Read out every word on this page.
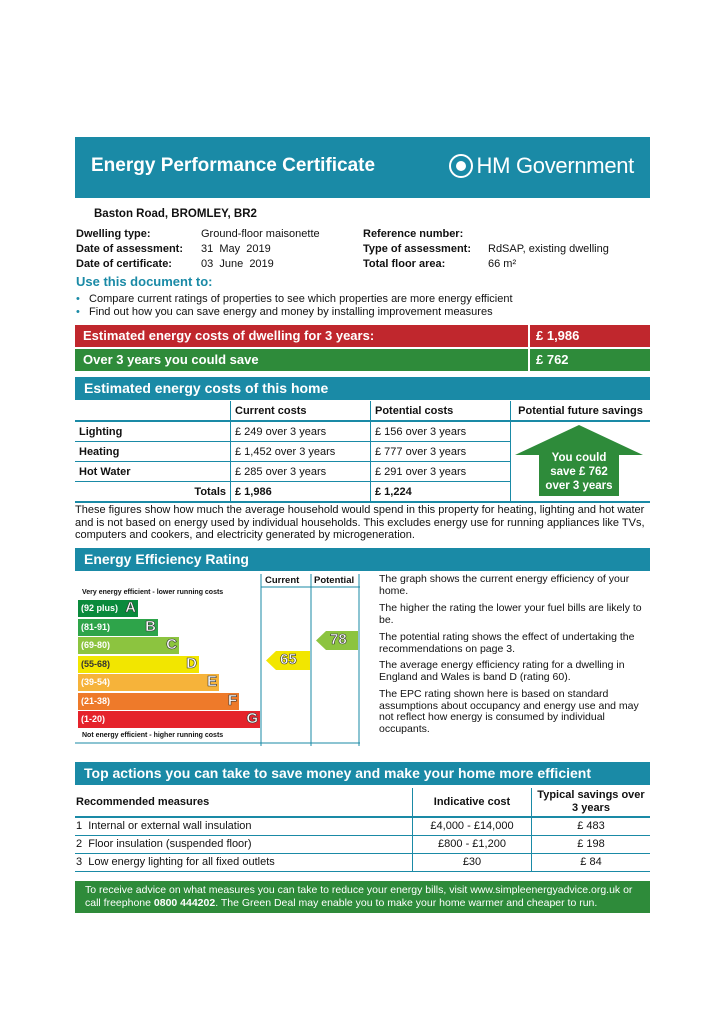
Energy Performance Certificate	HM Government
Baston Road, BROMLEY, BR2
Dwelling type:	Ground-floor maisonette
Date of assessment: 31  May  2019
Date of certificate:	03  June  2019
Reference number:
Type of assessment: RdSAP, existing dwelling
Total floor area:	66 m²
Use this document to:
• Compare current ratings of properties to see which properties are more energy efficient
• Find out how you can save energy and money by installing improvement measures
Estimated energy costs of dwelling for 3 years:	£ 1,986
Over 3 years you could save	£ 762
Estimated energy costs of this home
	Current costs	Potential costs	Potential future savings
Lighting	£ 249 over 3 years	£ 156 over 3 years	
Heating	£ 1,452 over 3 years	£ 777 over 3 years	
Hot Water	£ 285 over 3 years	£ 291 over 3 years	
Totals	£ 1,986	£ 1,224	
You could
save £ 762
over 3 years
These figures show how much the average household would spend in this property for heating, lighting and hot water and is not based on energy used by individual households. This excludes energy use for running appliances like TVs, computers and cookers, and electricity generated by microgeneration.
Energy Efficiency Rating
Current Potential
Very energy efficient - lower running costs
(92 plus) A
(81-91) B
(69-80)	C
(55-68)	D
(39-54)	E
(21-38)	F
(1-20)	G
Not energy efficient - higher running costs
65
78
The graph shows the current energy efficiency of your home.
The higher the rating the lower your fuel bills are likely to be.
The potential rating shows the effect of undertaking the recommendations on page 3.
The average energy efficiency rating for a dwelling in England and Wales is band D (rating 60).
The EPC rating shown here is based on standard assumptions about occupancy and energy use and may not reflect how energy is consumed by individual occupants.
Top actions you can take to save money and make your home more efficient
Recommended measures	Indicative cost	Typical savings over 3 years
1 Internal or external wall insulation	£4,000 - £14,000	£ 483
2 Floor insulation (suspended floor)	£800 - £1,200	£ 198
3 Low energy lighting for all fixed outlets	£30	£ 84
To receive advice on what measures you can take to reduce your energy bills, visit www.simpleenergyadvice.org.uk or
call freephone 0800 444202. The Green Deal may enable you to make your home warmer and cheaper to run.
